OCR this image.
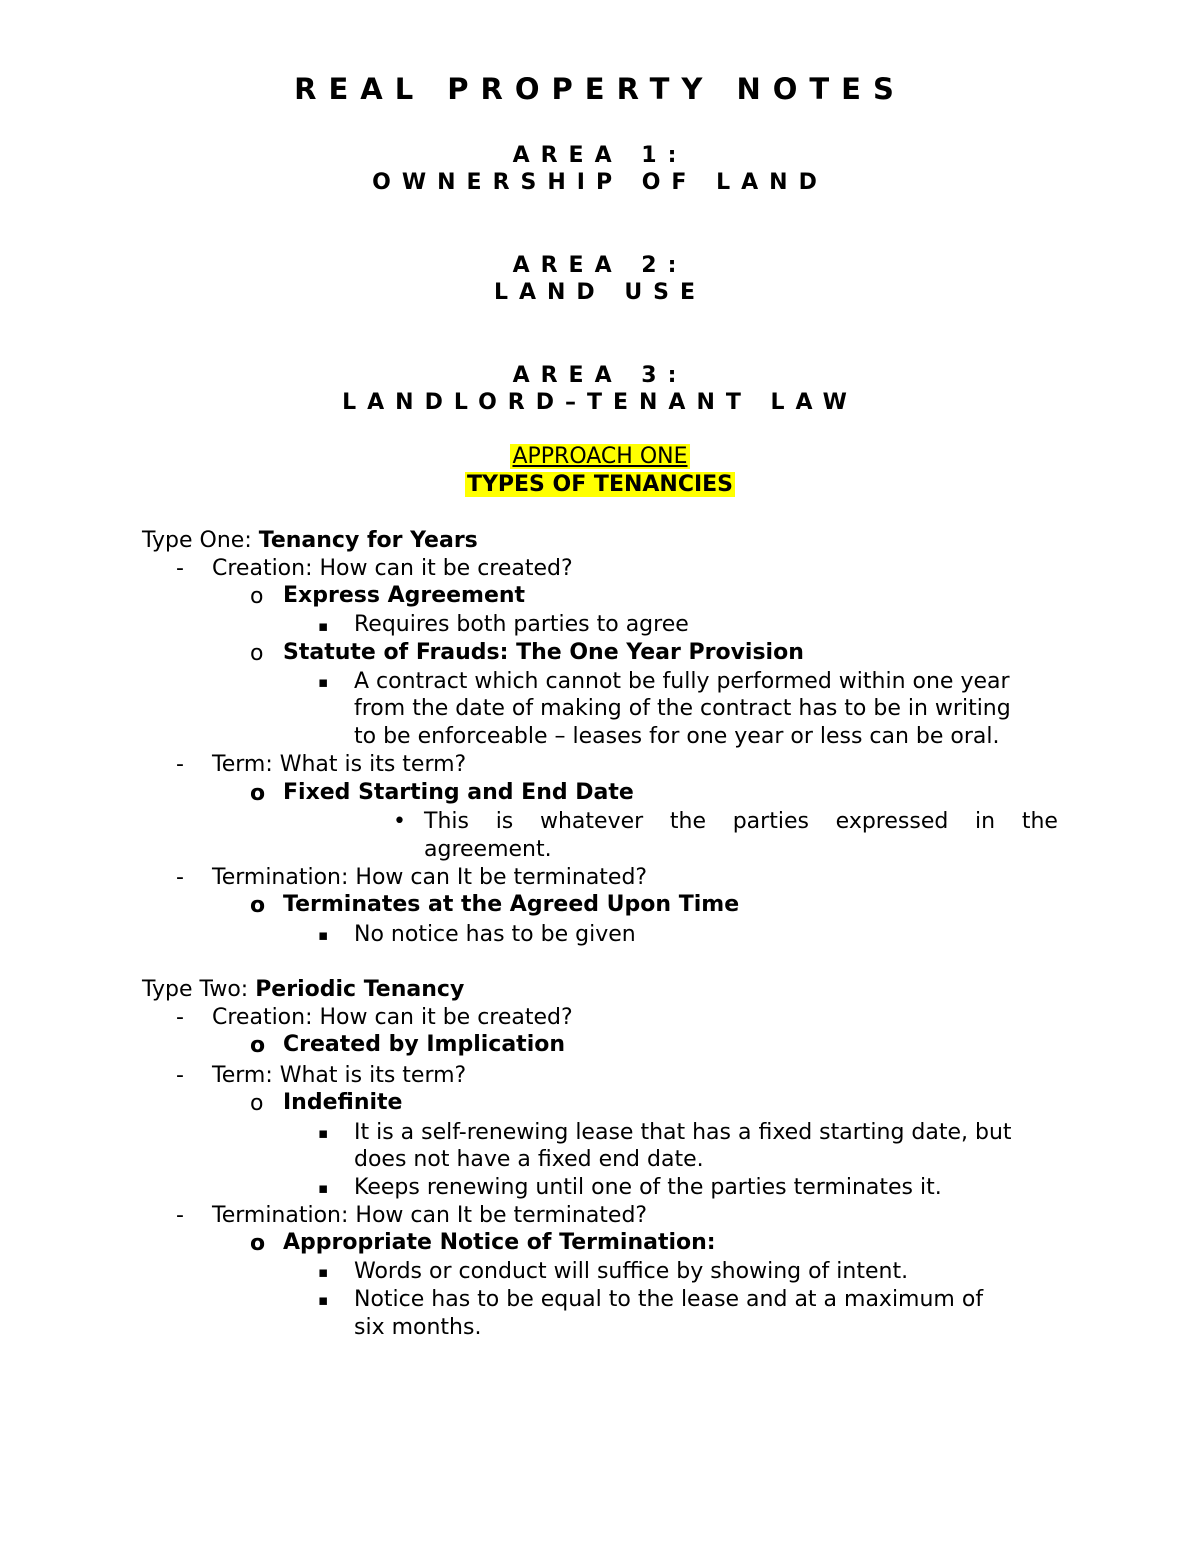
REAL PROPERTY NOTES
AREA 1:
OWNERSHIP OF LAND
AREA 2:
LAND USE
AREA 3:
LANDLORD–TENANT LAW
APPROACH ONE
TYPES OF TENANCIES
Type One: Tenancy for Years
- Creation: How can it be created?
o Express Agreement
▪ Requires both parties to agree
o Statute of Frauds: The One Year Provision
▪ A contract which cannot be fully performed within one year
from the date of making of the contract has to be in writing
to be enforceable – leases for one year or less can be oral.
- Term: What is its term?
o Fixed Starting and End Date
• This is whatever the parties expressed in the
agreement.
- Termination: How can It be terminated?
o Terminates at the Agreed Upon Time
▪ No notice has to be given
Type Two: Periodic Tenancy
- Creation: How can it be created?
o Created by Implication
- Term: What is its term?
o Indefinite
▪ It is a self-renewing lease that has a fixed starting date, but
does not have a fixed end date.
▪ Keeps renewing until one of the parties terminates it.
- Termination: How can It be terminated?
o Appropriate Notice of Termination:
▪ Words or conduct will suffice by showing of intent.
▪ Notice has to be equal to the lease and at a maximum of
six months.
